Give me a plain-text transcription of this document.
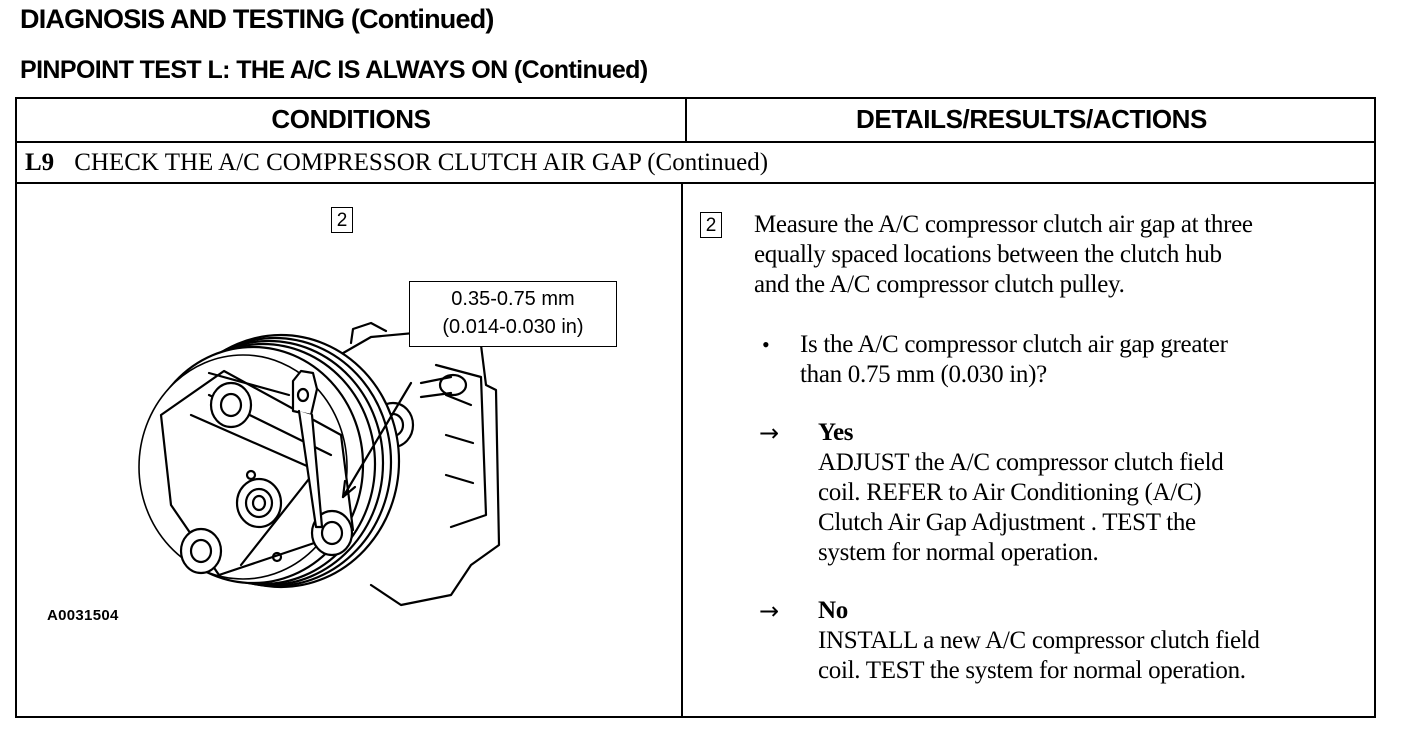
DIAGNOSIS AND TESTING (Continued)
PINPOINT TEST L: THE A/C IS ALWAYS ON (Continued)
CONDITIONS	DETAILS/RESULTS/ACTIONS
L9 CHECK THE A/C COMPRESSOR CLUTCH AIR GAP (Continued)
2
0.35-0.75 mm
(0.014-0.030 in)
A0031504
2 Measure the A/C compressor clutch air gap at three
equally spaced locations between the clutch hub
and the A/C compressor clutch pulley.
• Is the A/C compressor clutch air gap greater
than 0.75 mm (0.030 in)?
→ Yes
ADJUST the A/C compressor clutch field
coil. REFER to Air Conditioning (A/C)
Clutch Air Gap Adjustment . TEST the
system for normal operation.
→ No
INSTALL a new A/C compressor clutch field
coil. TEST the system for normal operation.
